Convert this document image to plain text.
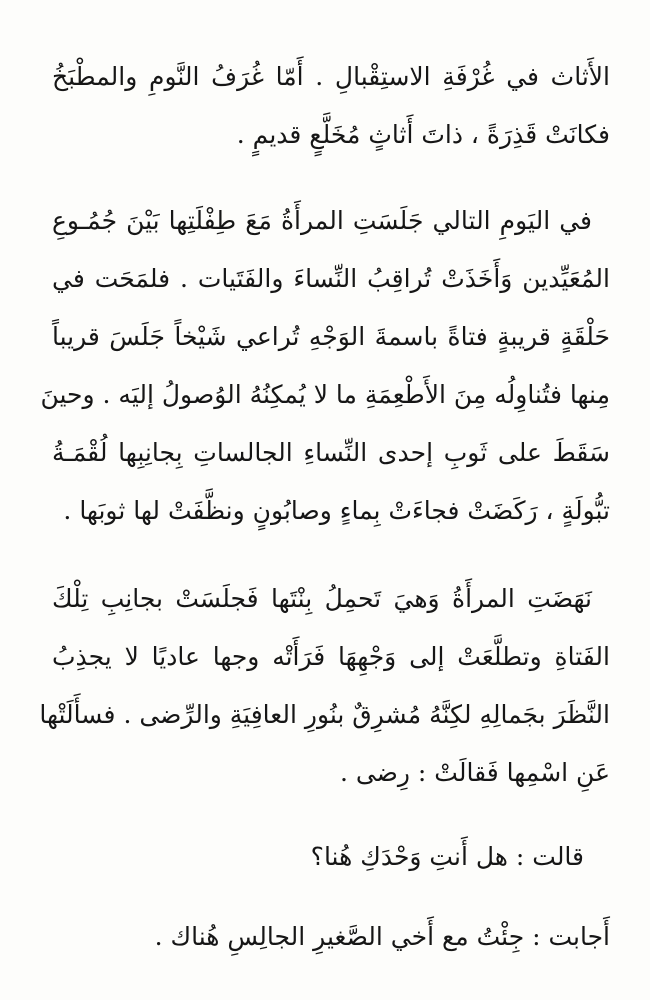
الأَثاث في غُرْفَةِ الاستِقْبالِ . أَمّا غُرَفُ النَّومِ والمطْبَخُ
فكانَتْ قَذِرَةً ، ذاتَ أَثاثٍ مُخَلَّعٍ قديمٍ .
في اليَومِ التالي جَلَسَتِ المرأَةُ مَعَ طِفْلَتِها بَيْنَ جُمُـوعِ
المُعَيِّدين وَأَخَذَتْ تُراقِبُ النِّساءَ والفَتَيات . فلمَحَت في
حَلْقَةٍ قريبةٍ فتاةً باسمةَ الوَجْهِ تُراعي شَيْخاً جَلَسَ قريباً
مِنها فتُناوِلُه مِنَ الأَطْعِمَةِ ما لا يُمكِنُهُ الوُصولُ إليَه . وحينَ
سَقَطَ على ثَوبِ إحدى النِّساءِ الجالساتِ بِجانِبِها لُقْمَـةُ
تبُّولَةٍ ، رَكَضَتْ فجاءَتْ بِماءٍ وصابُونٍ ونظَّفَتْ لها ثوبَها .
نَهَضَتِ المرأَةُ وَهيَ تَحمِلُ بِنْتَها فَجلَسَتْ بجانِبِ تِلْكَ
الفَتاةِ وتطلَّعَتْ إلى وَجْهِهَا فَرَأَتْه وجها عاديًا لا يجذِبُ
النَّظَرَ بجَمالِهِ لكِنَّهُ مُشرِقٌ بنُورِ العافِيَةِ والرِّضى . فسأَلَتْها
عَنِ اسْمِها فَقالَتْ : رِضى .
قالت : هل أَنتِ وَحْدَكِ هُنا؟
أَجابت : جِئْتُ مع أَخي الصَّغيرِ الجالِسِ هُناك .
